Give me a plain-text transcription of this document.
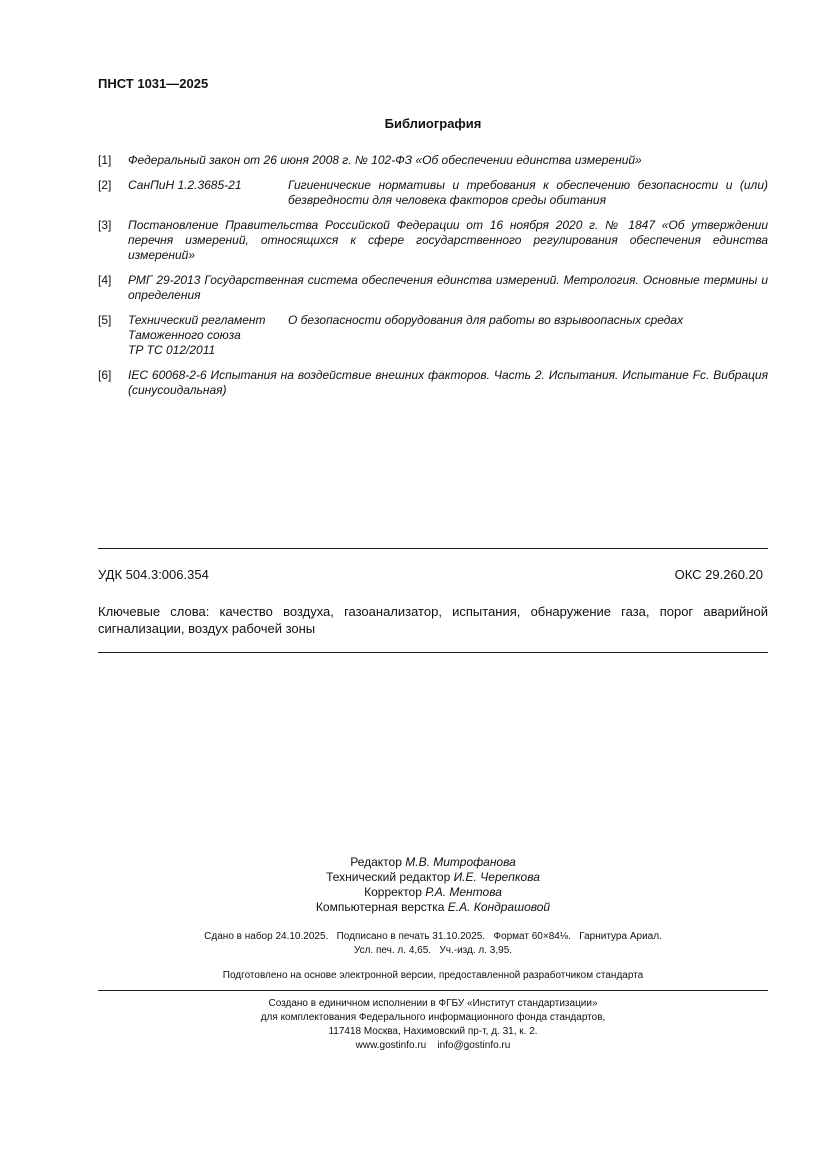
ПНСТ 1031—2025
Библиография
[1] Федеральный закон от 26 июня 2008 г. № 102-ФЗ «Об обеспечении единства измерений»
[2] СанПиН 1.2.3685-21	Гигиенические нормативы и требования к обеспечению безопасности и (или) безвредности для человека факторов среды обитания
[3] Постановление Правительства Российской Федерации от 16 ноября 2020 г. № 1847 «Об утверждении перечня измерений, относящихся к сфере государственного регулирования обеспечения единства измерений»
[4] РМГ 29-2013 Государственная система обеспечения единства измерений. Метрология. Основные термины и определения
[5] Технический регламент
Таможенного союза
ТР ТС 012/2011
О безопасности оборудования для работы во взрывоопасных средах
[6] IEC 60068-2-6 Испытания на воздействие внешних факторов. Часть 2. Испытания. Испытание Fc. Вибрация (синусоидальная)
УДК 504.3:006.354	ОКС 29.260.20
Ключевые слова: качество воздуха, газоанализатор, испытания, обнаружение газа, порог аварийной сигнализации, воздух рабочей зоны
Редактор М.В. Митрофанова
Технический редактор И.Е. Черепкова
Корректор Р.А. Ментова
Компьютерная верстка Е.А. Кондрашовой
Сдано в набор 24.10.2025.   Подписано в печать 31.10.2025.   Формат 60×84⅛.   Гарнитура Ариал.
Усл. печ. л. 4,65.   Уч.-изд. л. 3,95.
Подготовлено на основе электронной версии, предоставленной разработчиком стандарта
Создано в единичном исполнении в ФГБУ «Институт стандартизации»
для комплектования Федерального информационного фонда стандартов,
117418 Москва, Нахимовский пр-т, д. 31, к. 2.
www.gostinfo.ru    info@gostinfo.ru
